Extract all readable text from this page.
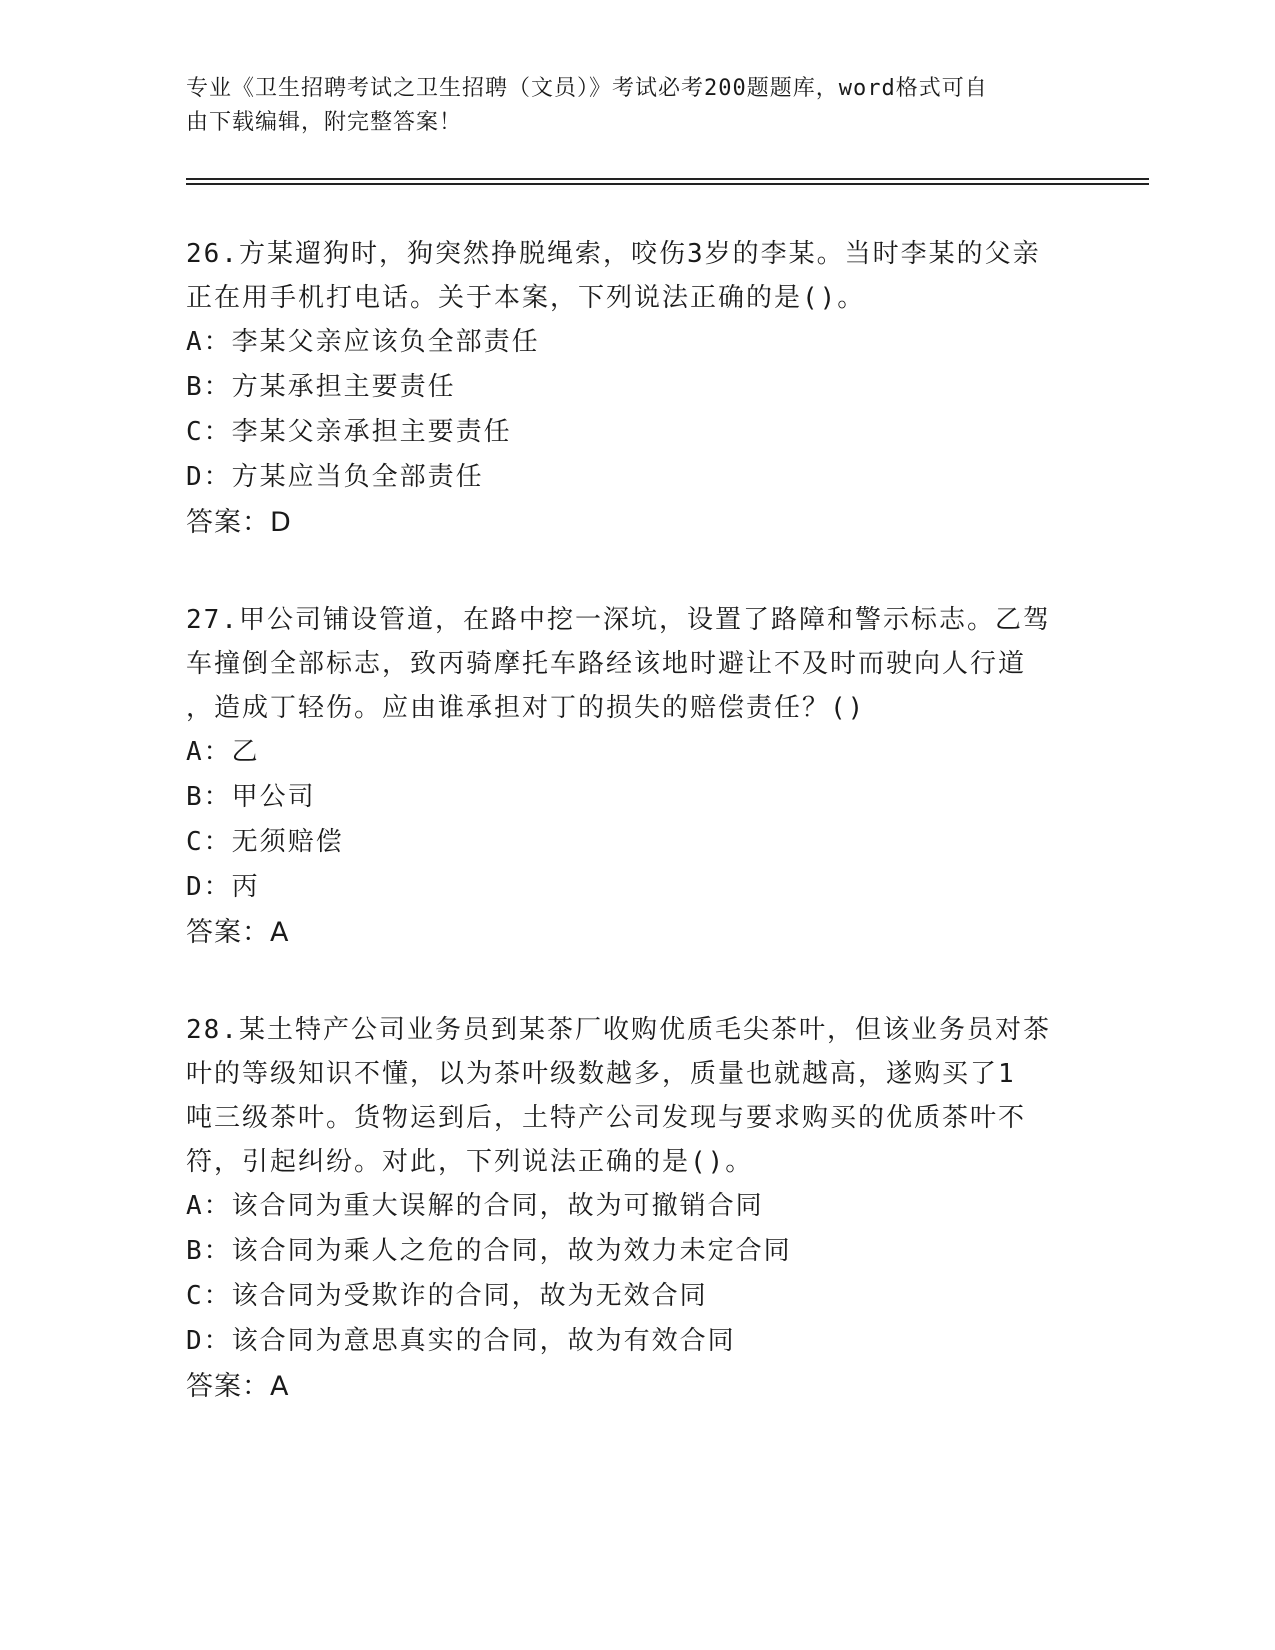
专业《卫生招聘考试之卫生招聘（文员）》考试必考200题题库，word格式可自

由下载编辑，附完整答案！

26.方某遛狗时，狗突然挣脱绳索，咬伤3岁的李某。当时李某的父亲

正在用手机打电话。关于本案，下列说法正确的是()。

A：李某父亲应该负全部责任

B：方某承担主要责任

C：李某父亲承担主要责任

D：方某应当负全部责任

答案：D

27.甲公司铺设管道，在路中挖一深坑，设置了路障和警示标志。乙驾

车撞倒全部标志，致丙骑摩托车路经该地时避让不及时而驶向人行道

，造成丁轻伤。应由谁承担对丁的损失的赔偿责任？()

A：乙

B：甲公司

C：无须赔偿

D：丙

答案：A

28.某土特产公司业务员到某茶厂收购优质毛尖茶叶，但该业务员对茶

叶的等级知识不懂，以为茶叶级数越多，质量也就越高，遂购买了1

吨三级茶叶。货物运到后，土特产公司发现与要求购买的优质茶叶不

符，引起纠纷。对此，下列说法正确的是()。

A：该合同为重大误解的合同，故为可撤销合同

B：该合同为乘人之危的合同，故为效力未定合同

C：该合同为受欺诈的合同，故为无效合同

D：该合同为意思真实的合同，故为有效合同

答案：A
